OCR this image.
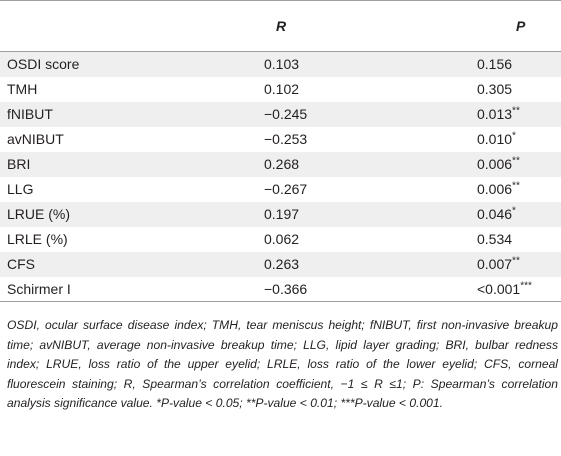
	R	P
OSDI score	0.103	0.156
TMH	0.102	0.305
fNIBUT	−0.245	0.013**
avNIBUT	−0.253	0.010*
BRI	0.268	0.006**
LLG	−0.267	0.006**
LRUE (%)	0.197	0.046*
LRLE (%)	0.062	0.534
CFS	0.263	0.007**
Schirmer I	−0.366	<0.001***
OSDI, ocular surface disease index; TMH, tear meniscus height; fNIBUT, first non-invasive breakup time; avNIBUT, average non-invasive breakup time; LLG, lipid layer grading; BRI, bulbar redness index; LRUE, loss ratio of the upper eyelid; LRLE, loss ratio of the lower eyelid; CFS, corneal fluorescein staining; R, Spearman’s correlation coefficient, −1 ≤ R ≤1; P: Spearman’s correlation analysis significance value. *P-value < 0.05; **P-value < 0.01; ***P-value < 0.001.
